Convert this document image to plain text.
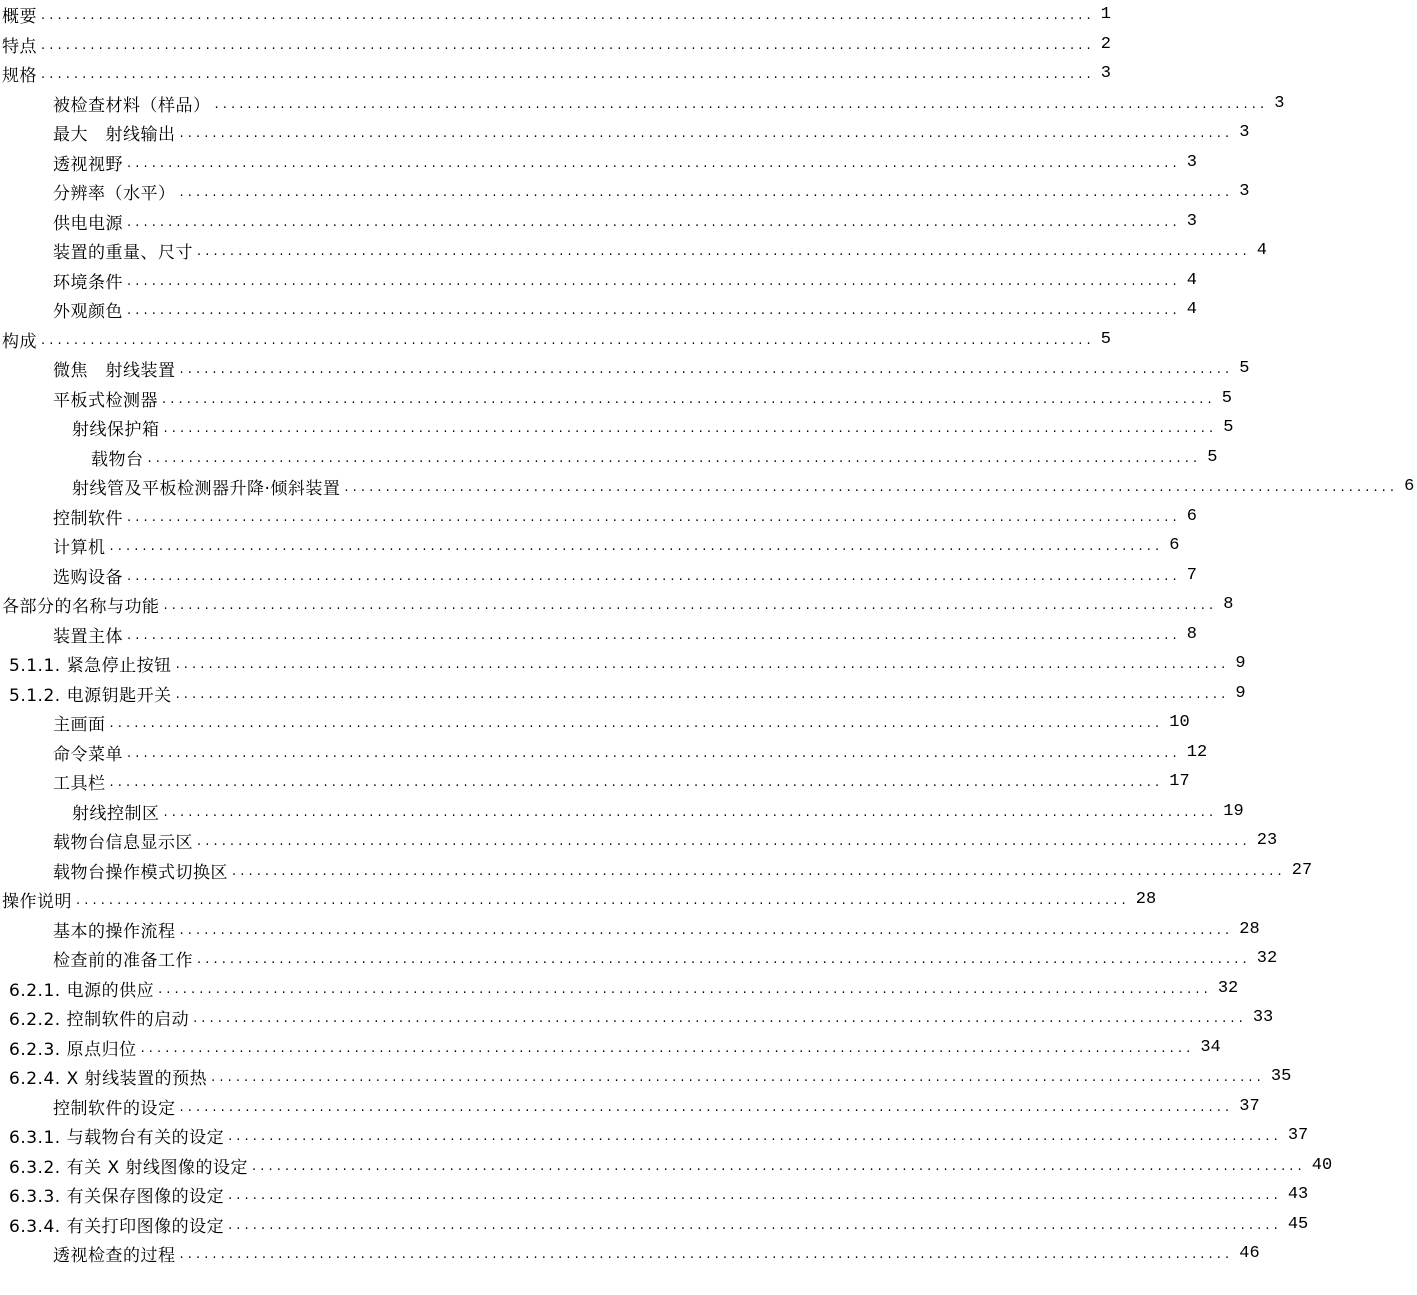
概要 ................................................................................................................................ 1
特点 ................................................................................................................................ 2
规格 ................................................................................................................................ 3
被检查材料（样品） ................................................................................................................................ 3
最大　射线输出 ................................................................................................................................ 3
透视视野 ................................................................................................................................ 3
分辨率（水平） ................................................................................................................................ 3
供电电源 ................................................................................................................................ 3
装置的重量、尺寸 ................................................................................................................................ 4
环境条件 ................................................................................................................................ 4
外观颜色 ................................................................................................................................ 4
构成 ................................................................................................................................ 5
微焦　射线装置 ................................................................................................................................ 5
平板式检测器 ................................................................................................................................ 5
射线保护箱 ................................................................................................................................ 5
载物台 ................................................................................................................................ 5
射线管及平板检测器升降·倾斜装置 ................................................................................................................................ 6
控制软件 ................................................................................................................................ 6
计算机 ................................................................................................................................ 6
选购设备 ................................................................................................................................ 7
各部分的名称与功能 ................................................................................................................................ 8
装置主体 ................................................................................................................................ 8
5.1.1. 紧急停止按钮 ................................................................................................................................ 9
5.1.2. 电源钥匙开关 ................................................................................................................................ 9
主画面 ................................................................................................................................ 10
命令菜单 ................................................................................................................................ 12
工具栏 ................................................................................................................................ 17
射线控制区 ................................................................................................................................ 19
载物台信息显示区 ................................................................................................................................ 23
载物台操作模式切换区 ................................................................................................................................ 27
操作说明 ................................................................................................................................ 28
基本的操作流程 ................................................................................................................................ 28
检查前的准备工作 ................................................................................................................................ 32
6.2.1. 电源的供应 ................................................................................................................................ 32
6.2.2. 控制软件的启动 ................................................................................................................................ 33
6.2.3. 原点归位 ................................................................................................................................ 34
6.2.4. X 射线装置的预热 ................................................................................................................................ 35
控制软件的设定 ................................................................................................................................ 37
6.3.1. 与载物台有关的设定 ................................................................................................................................ 37
6.3.2. 有关 X 射线图像的设定 ................................................................................................................................ 40
6.3.3. 有关保存图像的设定 ................................................................................................................................ 43
6.3.4. 有关打印图像的设定 ................................................................................................................................ 45
透视检查的过程 ................................................................................................................................ 46
